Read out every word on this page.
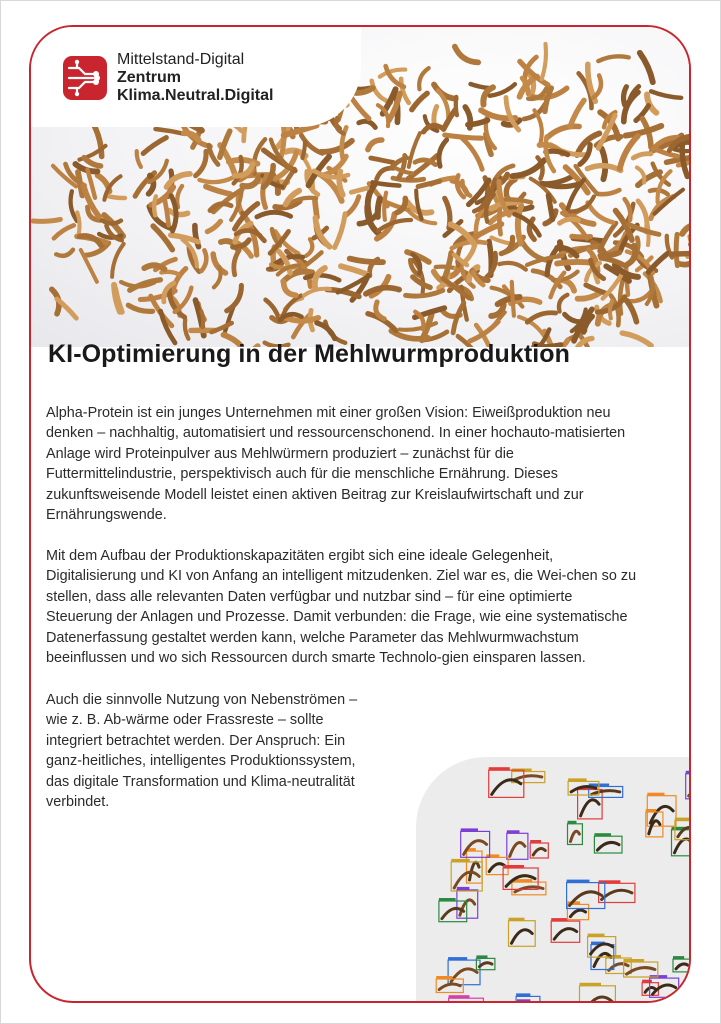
Mittelstand-Digital
Zentrum
Klima.Neutral.Digital
KI-Optimierung in der Mehlwurmproduktion

Alpha-Protein ist ein junges Unternehmen mit einer großen Vision: Eiweißproduktion neu denken – nachhaltig, automatisiert und ressourcenschonend. In einer hochauto-matisierten Anlage wird Proteinpulver aus Mehlwürmern produziert – zunächst für die Futtermittelindustrie, perspektivisch auch für die menschliche Ernährung. Dieses zukunftsweisende Modell leistet einen aktiven Beitrag zur Kreislaufwirtschaft und zur Ernährungswende.

Mit dem Aufbau der Produktionskapazitäten ergibt sich eine ideale Gelegenheit, Digitalisierung und KI von Anfang an intelligent mitzudenken. Ziel war es, die Wei-chen so zu stellen, dass alle relevanten Daten verfügbar und nutzbar sind – für eine optimierte Steuerung der Anlagen und Prozesse. Damit verbunden: die Frage, wie eine systematische Datenerfassung gestaltet werden kann, welche Parameter das Mehlwurmwachstum beeinflussen und wo sich Ressourcen durch smarte Technolo-gien einsparen lassen.

Auch die sinnvolle Nutzung von Nebenströmen – wie z. B. Ab-wärme oder Frassreste – sollte integriert betrachtet werden. Der Anspruch: Ein ganz-heitliches, intelligentes Produktionssystem, das digitale Transformation und Klima-neutralität verbindet.
